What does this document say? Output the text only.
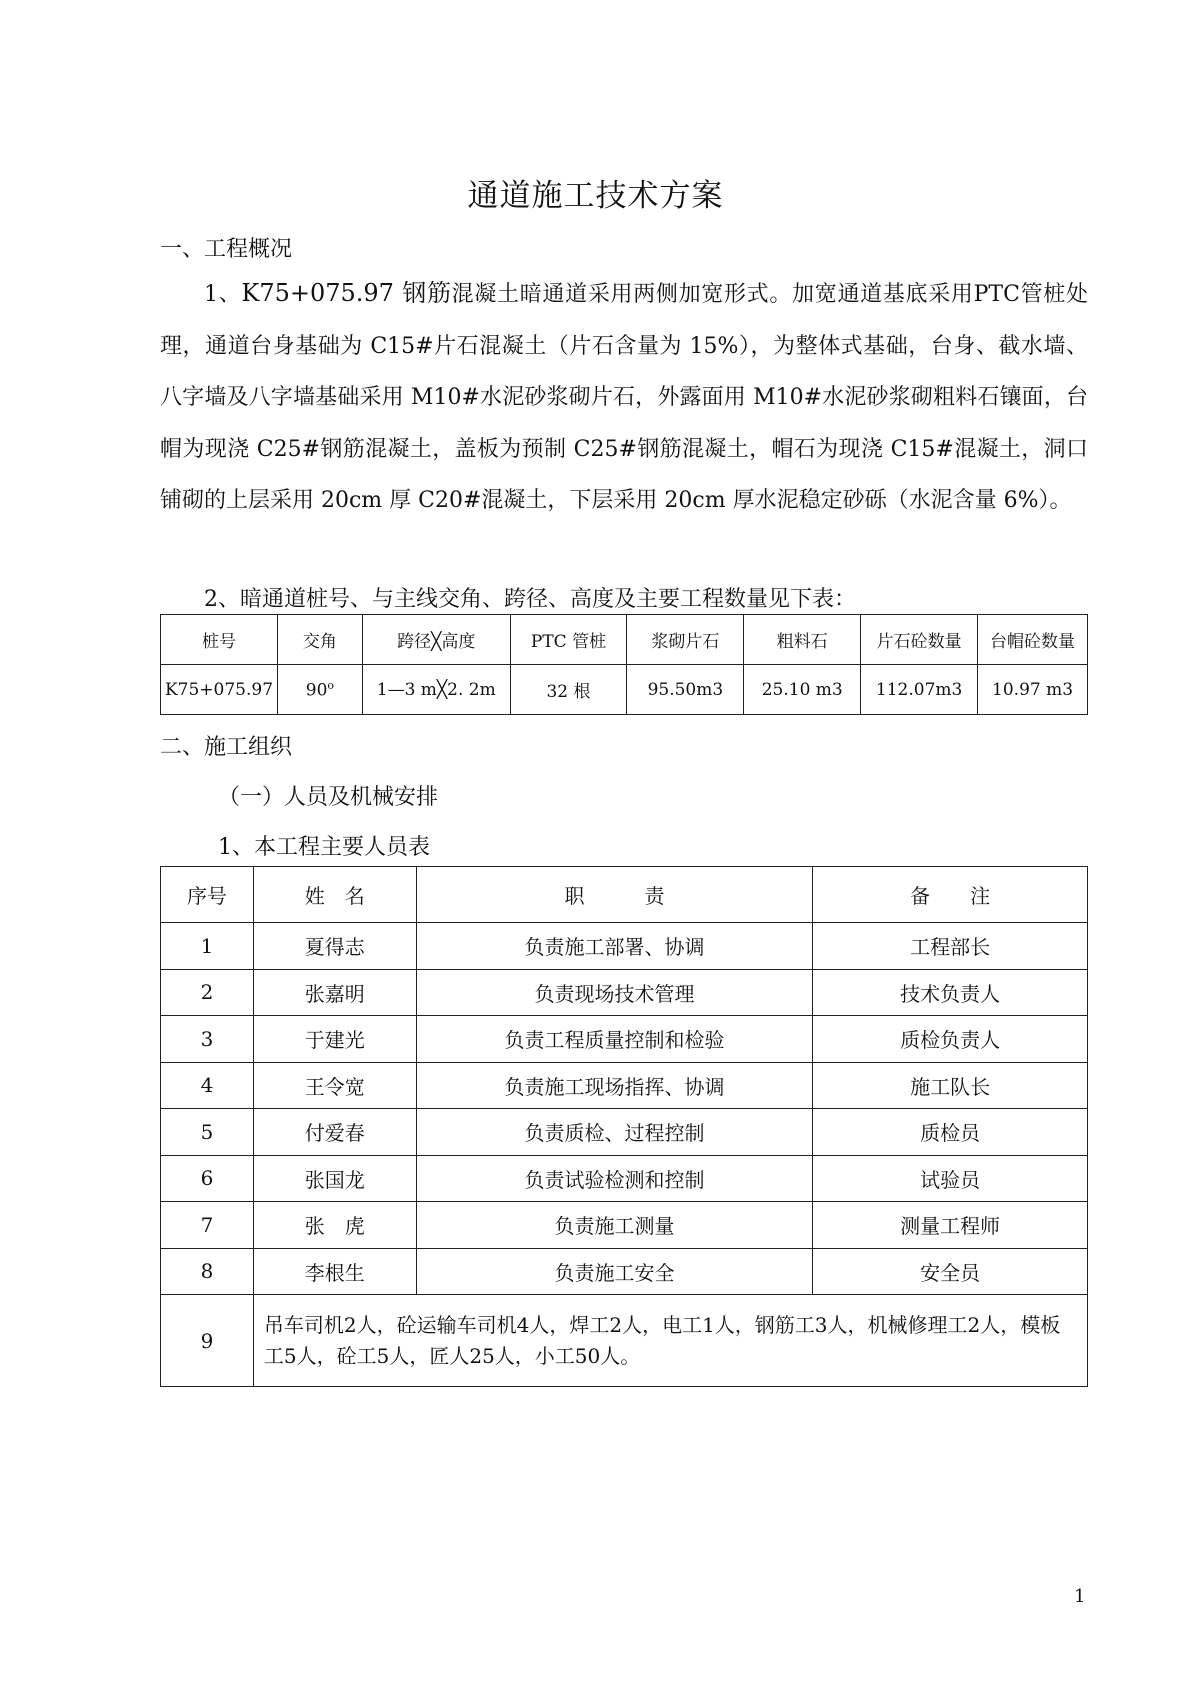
通道施工技术方案
一、工程概况
1、K75+075.97 钢筋混凝土暗通道采用两侧加宽形式。加宽通道基底采用PTC管桩处理，通道台身基础为 C15#片石混凝土（片石含量为 15%），为整体式基础，台身、截水墙、八字墙及八字墙基础采用 M10#水泥砂浆砌片石，外露面用 M10#水泥砂浆砌粗料石镶面，台帽为现浇 C25#钢筋混凝土，盖板为预制 C25#钢筋混凝土，帽石为现浇 C15#混凝土，洞口铺砌的上层采用 20cm 厚 C20#混凝土，下层采用 20cm 厚水泥稳定砂砾（水泥含量 6%）。
2、暗通道桩号、与主线交角、跨径、高度及主要工程数量见下表：
桩号	交角	跨径╳高度	PTC 管桩	浆砌片石	粗料石	片石砼数量	台帽砼数量
K75+075.97	90$^o$	1—3 m╳2. 2m	32 根	95.50m3	25.10 m3	112.07m3	10.97 m3
二、施工组织
（一）人员及机械安排
1、本工程主要人员表
序号	姓　名	职　　　责	备　　注
1	夏得志	负责施工部署、协调	工程部长
2	张嘉明	负责现场技术管理	技术负责人
3	于建光	负责工程质量控制和检验	质检负责人
4	王令宽	负责施工现场指挥、协调	施工队长
5	付爱春	负责质检、过程控制	质检员
6	张国龙	负责试验检测和控制	试验员
7	张　虎	负责施工测量	测量工程师
8	李根生	负责施工安全	安全员
9	吊车司机2人，砼运输车司机4人，焊工2人，电工1人，钢筋工3人，机械修理工2人，模板工5人，砼工5人，匠人25人，小工50人。		
1
